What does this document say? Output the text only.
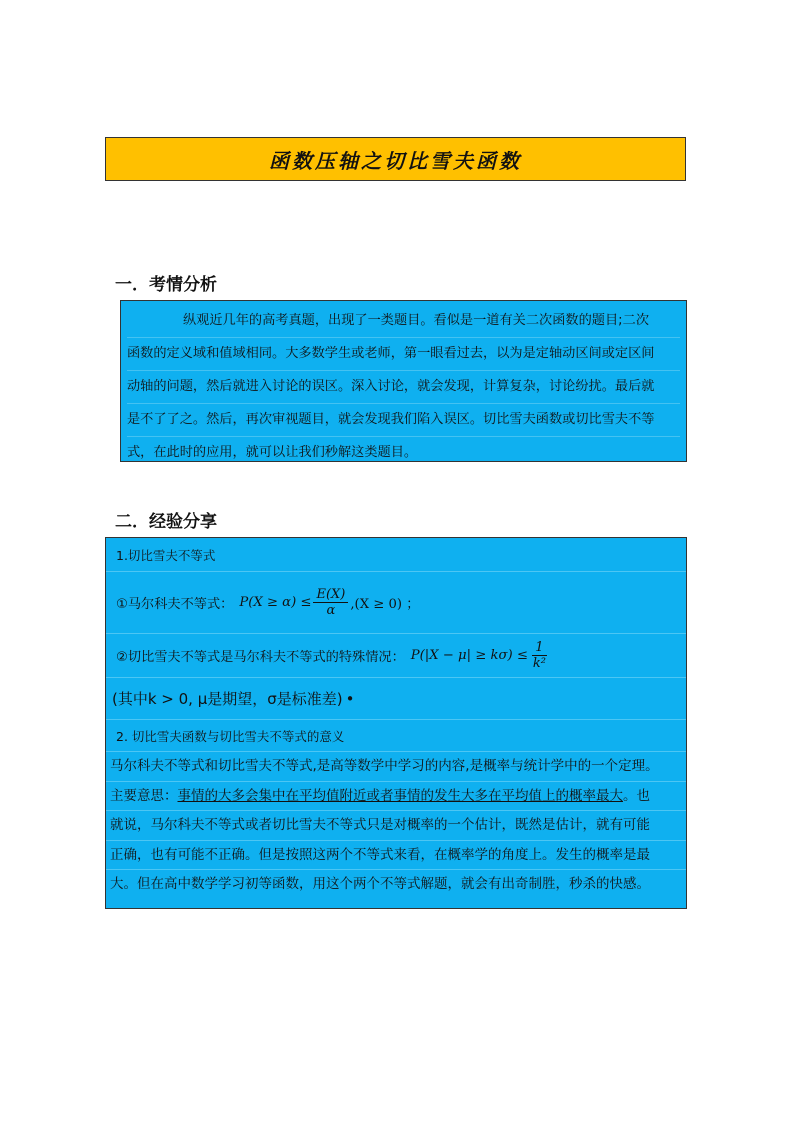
函数压轴之切比雪夫函数
一．考情分析
纵观近几年的高考真题，出现了一类题目。看似是一道有关二次函数的题目;二次
函数的定义域和值域相同。大多数学生或老师，第一眼看过去，以为是定轴动区间或定区间
动轴的问题，然后就进入讨论的误区。深入讨论，就会发现，计算复杂，讨论纷扰。最后就
是不了了之。然后，再次审视题目，就会发现我们陷入误区。切比雪夫函数或切比雪夫不等
式，在此时的应用，就可以让我们秒解这类题目。
二．经验分享
1.切比雪夫不等式
①马尔科夫不等式： $P(X \ge \alpha) \le \frac{E(X)}{\alpha} ,(X \ge 0)$ ；
②切比雪夫不等式是马尔科夫不等式的特殊情况： $P(|X - \mu| \ge k\sigma) \le \frac{1}{\text{k²}}$
(其中k > 0, μ是期望，σ是标准差) •
2. 切比雪夫函数与切比雪夫不等式的意义
马尔科夫不等式和切比雪夫不等式,是高等数学中学习的内容,是概率与统计学中的一个定理。
主要意思：事情的大多会集中在平均值附近或者事情的发生大多在平均值上的概率最大。也
就说，马尔科夫不等式或者切比雪夫不等式只是对概率的一个估计，既然是估计，就有可能
正确，也有可能不正确。但是按照这两个不等式来看，在概率学的角度上。发生的概率是最
大。但在高中数学学习初等函数，用这个两个不等式解题，就会有出奇制胜，秒杀的快感。
